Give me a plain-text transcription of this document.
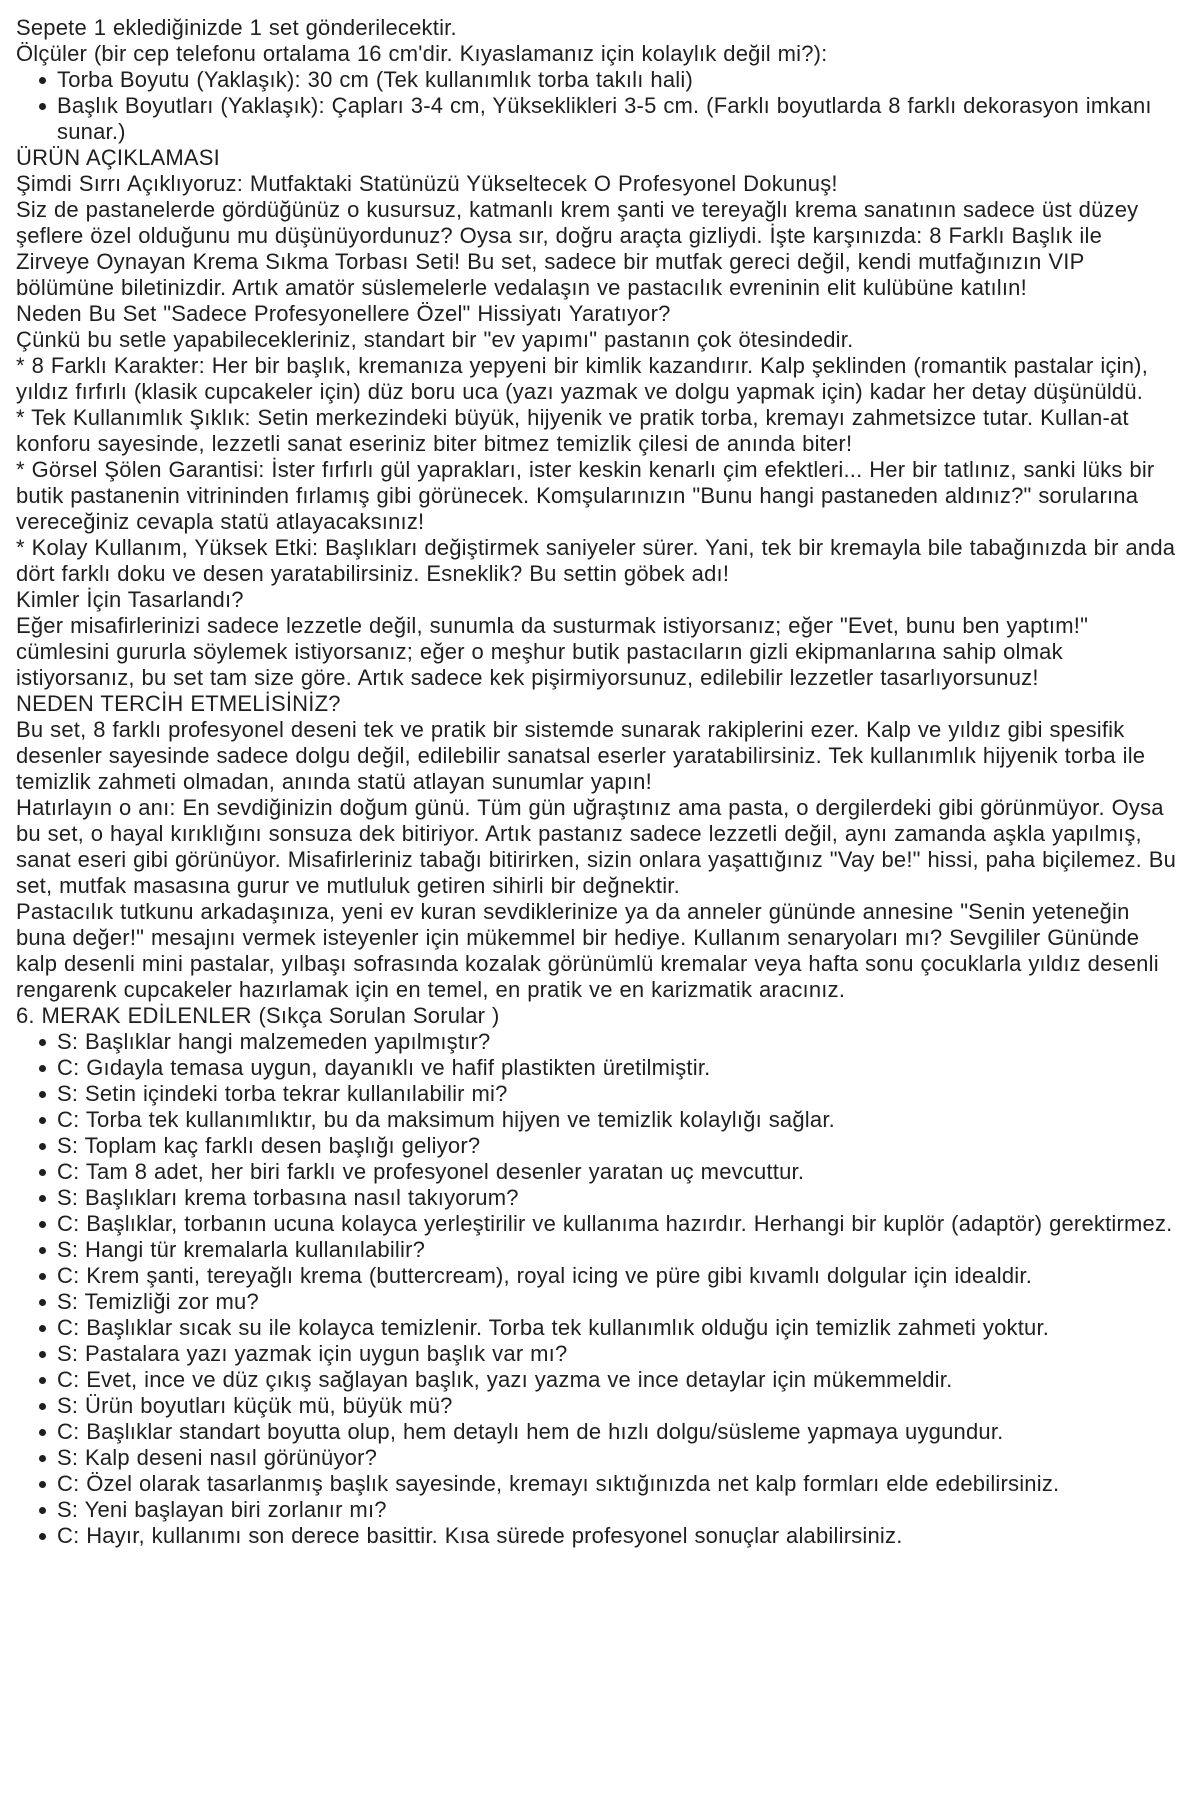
Sepete 1 eklediğinizde 1 set gönderilecektir.

Ölçüler (bir cep telefonu ortalama 16 cm'dir. Kıyaslamanız için kolaylık değil mi?):

Torba Boyutu (Yaklaşık): 30 cm (Tek kullanımlık torba takılı hali)
Başlık Boyutları (Yaklaşık): Çapları 3-4 cm, Yükseklikleri 3-5 cm. (Farklı boyutlarda 8 farklı dekorasyon imkanı sunar.)

ÜRÜN AÇIKLAMASI

Şimdi Sırrı Açıklıyoruz: Mutfaktaki Statünüzü Yükseltecek O Profesyonel Dokunuş!

Siz de pastanelerde gördüğünüz o kusursuz, katmanlı krem şanti ve tereyağlı krema sanatının sadece üst düzey şeflere özel olduğunu mu düşünüyordunuz? Oysa sır, doğru araçta gizliydi. İşte karşınızda: 8 Farklı Başlık ile Zirveye Oynayan Krema Sıkma Torbası Seti! Bu set, sadece bir mutfak gereci değil, kendi mutfağınızın VIP bölümüne biletinizdir. Artık amatör süslemelerle vedalaşın ve pastacılık evreninin elit kulübüne katılın!

Neden Bu Set "Sadece Profesyonellere Özel" Hissiyatı Yaratıyor?

Çünkü bu setle yapabilecekleriniz, standart bir "ev yapımı" pastanın çok ötesindedir.

* 8 Farklı Karakter: Her bir başlık, kremanıza yepyeni bir kimlik kazandırır. Kalp şeklinden (romantik pastalar için), yıldız fırfırlı (klasik cupcakeler için) düz boru uca (yazı yazmak ve dolgu yapmak için) kadar her detay düşünüldü.

* Tek Kullanımlık Şıklık: Setin merkezindeki büyük, hijyenik ve pratik torba, kremayı zahmetsizce tutar. Kullan-at konforu sayesinde, lezzetli sanat eseriniz biter bitmez temizlik çilesi de anında biter!

* Görsel Şölen Garantisi: İster fırfırlı gül yaprakları, ister keskin kenarlı çim efektleri... Her bir tatlınız, sanki lüks bir butik pastanenin vitrininden fırlamış gibi görünecek. Komşularınızın "Bunu hangi pastaneden aldınız?" sorularına vereceğiniz cevapla statü atlayacaksınız!

* Kolay Kullanım, Yüksek Etki: Başlıkları değiştirmek saniyeler sürer. Yani, tek bir kremayla bile tabağınızda bir anda dört farklı doku ve desen yaratabilirsiniz. Esneklik? Bu settin göbek adı!

Kimler İçin Tasarlandı?

Eğer misafirlerinizi sadece lezzetle değil, sunumla da susturmak istiyorsanız; eğer "Evet, bunu ben yaptım!" cümlesini gururla söylemek istiyorsanız; eğer o meşhur butik pastacıların gizli ekipmanlarına sahip olmak istiyorsanız, bu set tam size göre. Artık sadece kek pişirmiyorsunuz, edilebilir lezzetler tasarlıyorsunuz!

NEDEN TERCİH ETMELİSİNİZ?

Bu set, 8 farklı profesyonel deseni tek ve pratik bir sistemde sunarak rakiplerini ezer. Kalp ve yıldız gibi spesifik desenler sayesinde sadece dolgu değil, edilebilir sanatsal eserler yaratabilirsiniz. Tek kullanımlık hijyenik torba ile temizlik zahmeti olmadan, anında statü atlayan sunumlar yapın!

Hatırlayın o anı: En sevdiğinizin doğum günü. Tüm gün uğraştınız ama pasta, o dergilerdeki gibi görünmüyor. Oysa bu set, o hayal kırıklığını sonsuza dek bitiriyor. Artık pastanız sadece lezzetli değil, aynı zamanda aşkla yapılmış, sanat eseri gibi görünüyor. Misafirleriniz tabağı bitirirken, sizin onlara yaşattığınız "Vay be!" hissi, paha biçilemez. Bu set, mutfak masasına gurur ve mutluluk getiren sihirli bir değnektir.

Pastacılık tutkunu arkadaşınıza, yeni ev kuran sevdiklerinize ya da anneler gününde annesine "Senin yeteneğin buna değer!" mesajını vermek isteyenler için mükemmel bir hediye. Kullanım senaryoları mı? Sevgililer Gününde kalp desenli mini pastalar, yılbaşı sofrasında kozalak görünümlü kremalar veya hafta sonu çocuklarla yıldız desenli rengarenk cupcakeler hazırlamak için en temel, en pratik ve en karizmatik aracınız.

6. MERAK EDİLENLER (Sıkça Sorulan Sorular )

S: Başlıklar hangi malzemeden yapılmıştır?
C: Gıdayla temasa uygun, dayanıklı ve hafif plastikten üretilmiştir.
S: Setin içindeki torba tekrar kullanılabilir mi?
C: Torba tek kullanımlıktır, bu da maksimum hijyen ve temizlik kolaylığı sağlar.
S: Toplam kaç farklı desen başlığı geliyor?
C: Tam 8 adet, her biri farklı ve profesyonel desenler yaratan uç mevcuttur.
S: Başlıkları krema torbasına nasıl takıyorum?
C: Başlıklar, torbanın ucuna kolayca yerleştirilir ve kullanıma hazırdır. Herhangi bir kuplör (adaptör) gerektirmez.
S: Hangi tür kremalarla kullanılabilir?
C: Krem şanti, tereyağlı krema (buttercream), royal icing ve püre gibi kıvamlı dolgular için idealdir.
S: Temizliği zor mu?
C: Başlıklar sıcak su ile kolayca temizlenir. Torba tek kullanımlık olduğu için temizlik zahmeti yoktur.
S: Pastalara yazı yazmak için uygun başlık var mı?
C: Evet, ince ve düz çıkış sağlayan başlık, yazı yazma ve ince detaylar için mükemmeldir.
S: Ürün boyutları küçük mü, büyük mü?
C: Başlıklar standart boyutta olup, hem detaylı hem de hızlı dolgu/süsleme yapmaya uygundur.
S: Kalp deseni nasıl görünüyor?
C: Özel olarak tasarlanmış başlık sayesinde, kremayı sıktığınızda net kalp formları elde edebilirsiniz.
S: Yeni başlayan biri zorlanır mı?
C: Hayır, kullanımı son derece basittir. Kısa sürede profesyonel sonuçlar alabilirsiniz.
